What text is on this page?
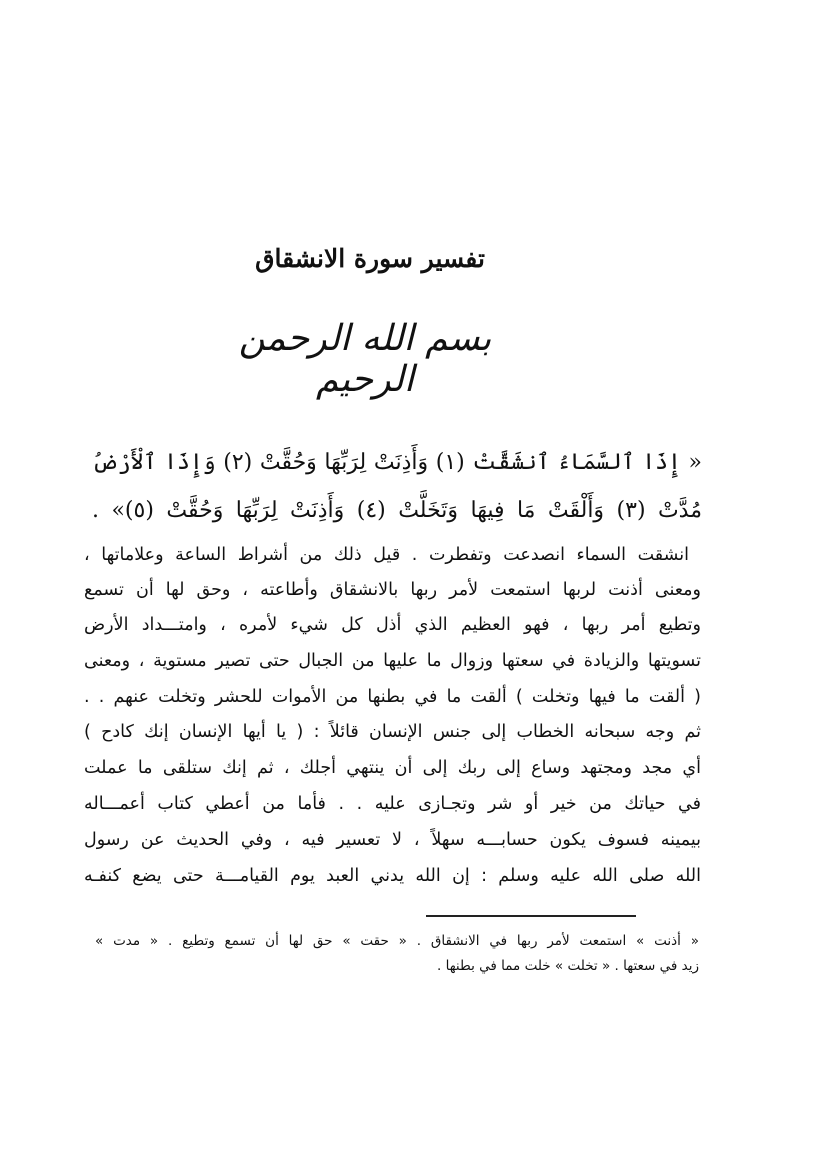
تفسير سورة الانشقاق
بسم الله الرحمن الرحيم
« إِذَا ٱلسَّمَاءُ ٱنشَقَّتْ (١) وَأَذِنَتْ لِرَبِّهَا وَحُقَّتْ (٢) وَإِذَا ٱلْأَرْضُ
مُدَّتْ (٣) وَأَلْقَتْ مَا فِيهَا وَتَخَلَّتْ (٤) وَأَذِنَتْ لِرَبِّهَا وَحُقَّتْ (٥)» .
انشقت السماء انصدعت وتفطرت . قيل ذلك من أشراط الساعة وعلاماتها ،
ومعنى أذنت لربها استمعت لأمر ربها بالانشقاق وأطاعته ، وحق لها أن تسمع
وتطيع أمر ربها ، فهو العظيم الذي أذل كل شيء لأمره ، وامتـــداد الأرض
تسويتها والزيادة في سعتها وزوال ما عليها من الجبال حتى تصير مستوية ، ومعنى
( ألقت ما فيها وتخلت ) ألقت ما في بطنها من الأموات للحشر وتخلت عنهم . .
ثم وجه سبحانه الخطاب إلى جنس الإنسان قائلاً : ( يا أيها الإنسان إنك كادح )
أي مجد ومجتهد وساع إلى ربك إلى أن ينتهي أجلك ، ثم إنك ستلقى ما عملت
في حياتك من خير أو شر وتجـازى عليه . . فأما من أعطي كتاب أعمـــاله
بيمينه فسوف يكون حسابـــه سهلاً ، لا تعسير فيه ، وفي الحديث عن رسول
الله صلى الله عليه وسلم : إن الله يدني العبد يوم القيامـــة حتى يضع كنفـه
« أذنت » استمعت لأمر ربها في الانشقاق . « حقت » حق لها أن تسمع وتطيع . « مدت »
زيد في سعتها . « تخلت » خلت مما في بطنها .
